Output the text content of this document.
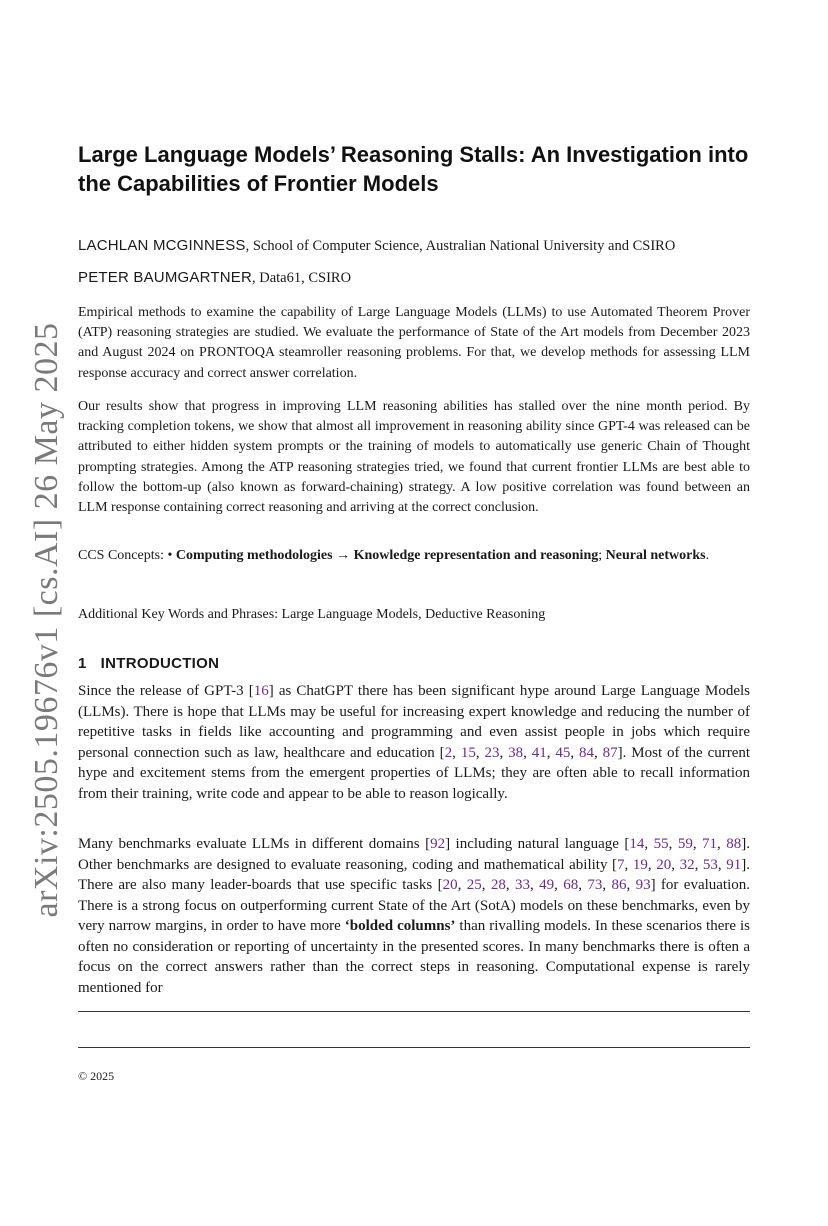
arXiv:2505.19676v1 [cs.AI] 26 May 2025
Large Language Models’ Reasoning Stalls: An Investigation into the Capabilities of Frontier Models
LACHLAN MCGINNESS, School of Computer Science, Australian National University and CSIRO
PETER BAUMGARTNER, Data61, CSIRO

Empirical methods to examine the capability of Large Language Models (LLMs) to use Automated Theorem Prover (ATP) reasoning strategies are studied. We evaluate the performance of State of the Art models from December 2023 and August 2024 on PRONTOQA steamroller reasoning problems. For that, we develop methods for assessing LLM response accuracy and correct answer correlation.

Our results show that progress in improving LLM reasoning abilities has stalled over the nine month period. By tracking completion tokens, we show that almost all improvement in reasoning ability since GPT-4 was released can be attributed to either hidden system prompts or the training of models to automatically use generic Chain of Thought prompting strategies. Among the ATP reasoning strategies tried, we found that current frontier LLMs are best able to follow the bottom-up (also known as forward-chaining) strategy. A low positive correlation was found between an LLM response containing correct reasoning and arriving at the correct conclusion.

CCS Concepts: • Computing methodologies → Knowledge representation and reasoning; Neural networks.

Additional Key Words and Phrases: Large Language Models, Deductive Reasoning

1 INTRODUCTION

Since the release of GPT-3 [16] as ChatGPT there has been significant hype around Large Language Models (LLMs). There is hope that LLMs may be useful for increasing expert knowledge and reducing the number of repetitive tasks in fields like accounting and programming and even assist people in jobs which require personal connection such as law, healthcare and education [2, 15, 23, 38, 41, 45, 84, 87]. Most of the current hype and excitement stems from the emergent properties of LLMs; they are often able to recall information from their training, write code and appear to be able to reason logically.

Many benchmarks evaluate LLMs in different domains [92] including natural language [14, 55, 59, 71, 88]. Other benchmarks are designed to evaluate reasoning, coding and mathematical ability [7, 19, 20, 32, 53, 91]. There are also many leader-boards that use specific tasks [20, 25, 28, 33, 49, 68, 73, 86, 93] for evaluation. There is a strong focus on outperforming current State of the Art (SotA) models on these benchmarks, even by very narrow margins, in order to have more ‘bolded columns’ than rivalling models. In these scenarios there is often no consideration or reporting of uncertainty in the presented scores. In many benchmarks there is often a focus on the correct answers rather than the correct steps in reasoning. Computational expense is rarely mentioned for

© 2025
